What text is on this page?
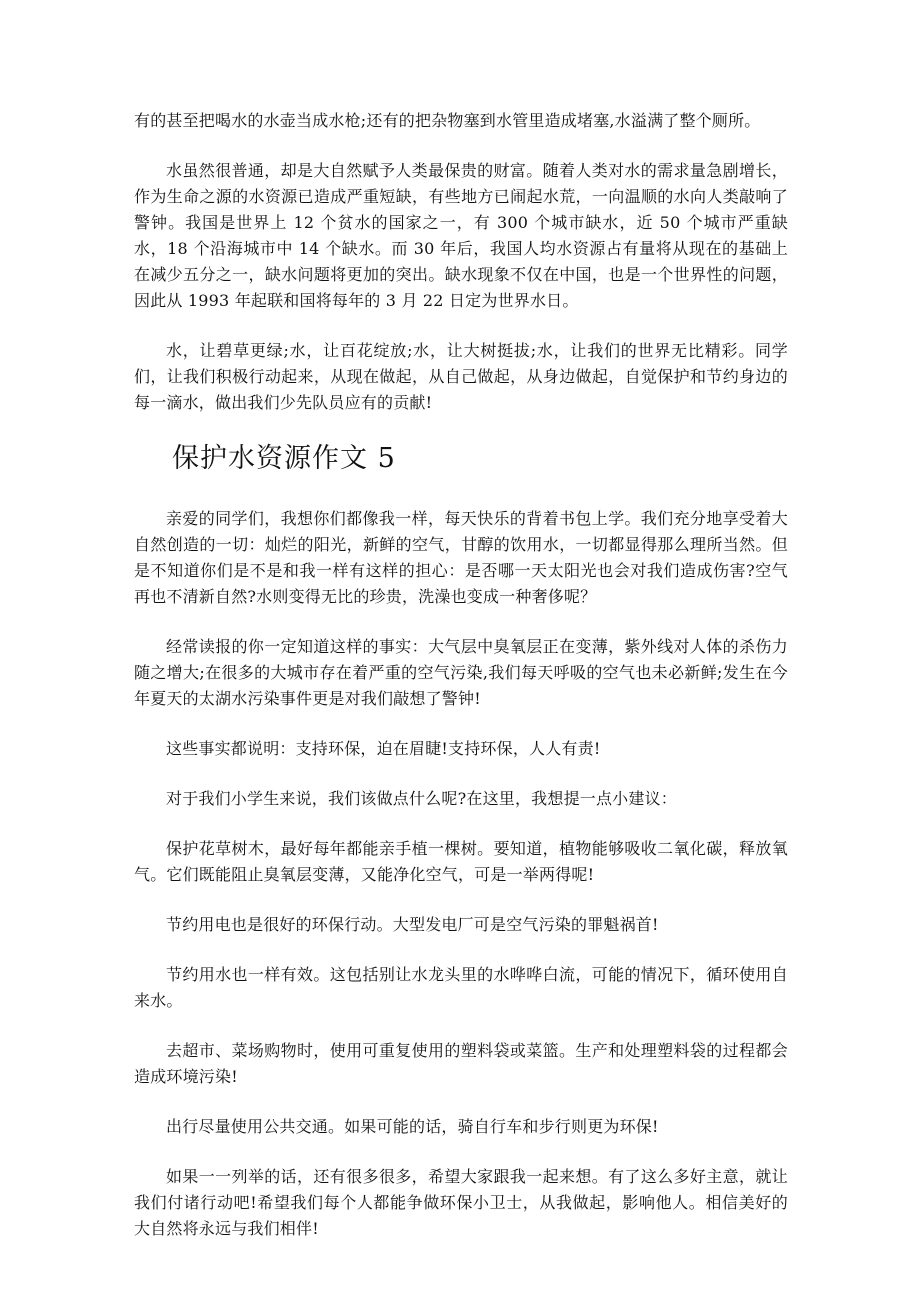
有的甚至把喝水的水壶当成水枪;还有的把杂物塞到水管里造成堵塞,水溢满了整个厕所。

水虽然很普通，却是大自然赋予人类最保贵的财富。随着人类对水的需求量急剧增长，作为生命之源的水资源已造成严重短缺，有些地方已闹起水荒，一向温顺的水向人类敲响了警钟。我国是世界上 12 个贫水的国家之一，有 300 个城市缺水，近 50 个城市严重缺水，18 个沿海城市中 14 个缺水。而 30 年后，我国人均水资源占有量将从现在的基础上在减少五分之一，缺水问题将更加的突出。缺水现象不仅在中国，也是一个世界性的问题，因此从 1993 年起联和国将每年的 3 月 22 日定为世界水日。

水，让碧草更绿;水，让百花绽放;水，让大树挺拔;水，让我们的世界无比精彩。同学们，让我们积极行动起来，从现在做起，从自己做起，从身边做起，自觉保护和节约身边的每一滴水，做出我们少先队员应有的贡献!

保护水资源作文 5

亲爱的同学们，我想你们都像我一样，每天快乐的背着书包上学。我们充分地享受着大自然创造的一切：灿烂的阳光，新鲜的空气，甘醇的饮用水，一切都显得那么理所当然。但是不知道你们是不是和我一样有这样的担心：是否哪一天太阳光也会对我们造成伤害?空气再也不清新自然?水则变得无比的珍贵，洗澡也变成一种奢侈呢？

经常读报的你一定知道这样的事实：大气层中臭氧层正在变薄，紫外线对人体的杀伤力随之增大;在很多的大城市存在着严重的空气污染,我们每天呼吸的空气也未必新鲜;发生在今年夏天的太湖水污染事件更是对我们敲想了警钟!

这些事实都说明：支持环保，迫在眉睫!支持环保，人人有责!

对于我们小学生来说，我们该做点什么呢?在这里，我想提一点小建议：

保护花草树木，最好每年都能亲手植一棵树。要知道，植物能够吸收二氧化碳，释放氧气。它们既能阻止臭氧层变薄，又能净化空气，可是一举两得呢!

节约用电也是很好的环保行动。大型发电厂可是空气污染的罪魁祸首!

节约用水也一样有效。这包括别让水龙头里的水哗哗白流，可能的情况下，循环使用自来水。

去超市、菜场购物时，使用可重复使用的塑料袋或菜篮。生产和处理塑料袋的过程都会造成环境污染!

出行尽量使用公共交通。如果可能的话，骑自行车和步行则更为环保!

如果一一列举的话，还有很多很多，希望大家跟我一起来想。有了这么多好主意，就让我们付诸行动吧!希望我们每个人都能争做环保小卫士，从我做起，影响他人。相信美好的大自然将永远与我们相伴!
